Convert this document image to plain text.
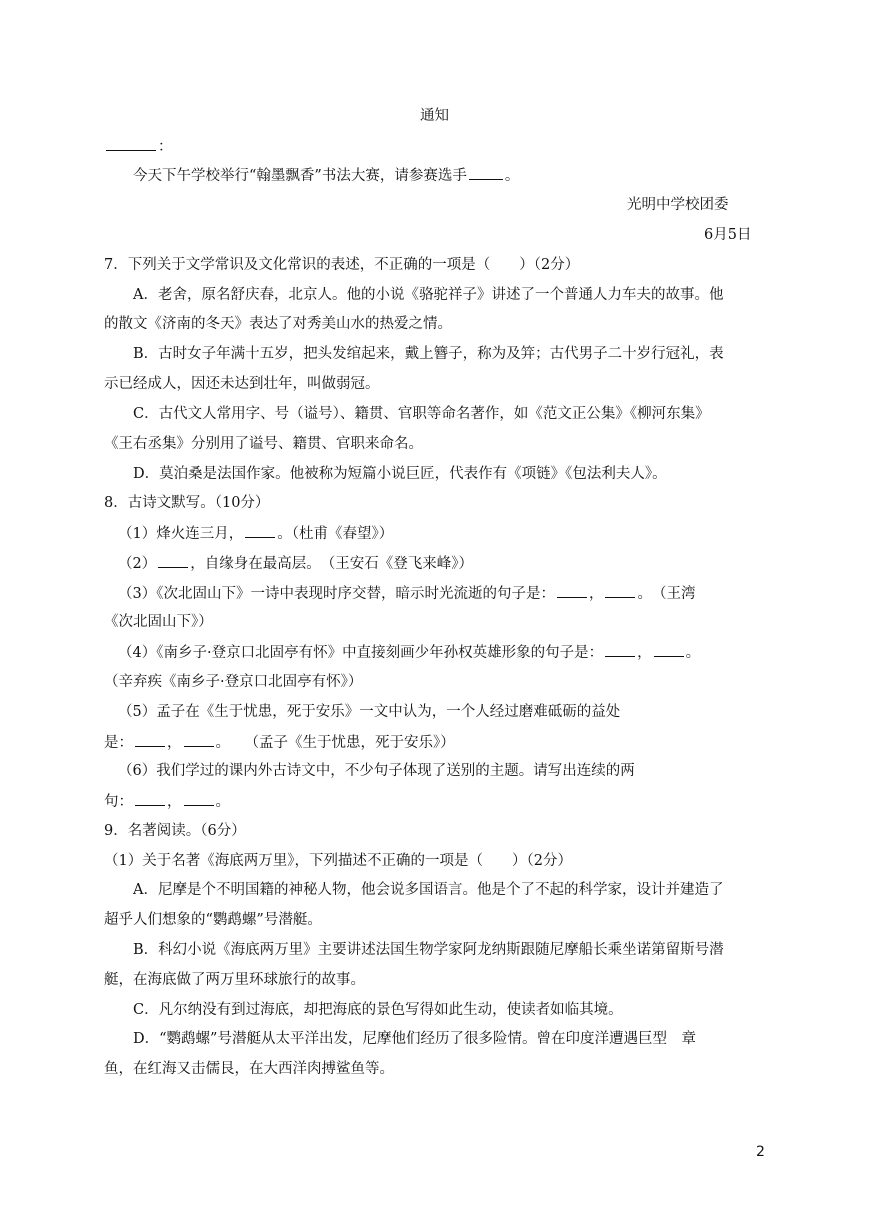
通知
：
今天下午学校举行“翰墨飘香”书法大赛，请参赛选手	。
光明中学校团委
6月5日
7．下列关于文学常识及文化常识的表述，不正确的一项是（　　）（2分）
A．老舍，原名舒庆春，北京人。他的小说《骆驼祥子》讲述了一个普通人力车夫的故事。他
的散文《济南的冬天》表达了对秀美山水的热爱之情。
B．古时女子年满十五岁，把头发绾起来，戴上簪子，称为及笄；古代男子二十岁行冠礼，表
示已经成人，因还未达到壮年，叫做弱冠。
C．古代文人常用字、号（谥号）、籍贯、官职等命名著作，如《范文正公集》《柳河东集》
《王右丞集》分别用了谥号、籍贯、官职来命名。
D．莫泊桑是法国作家。他被称为短篇小说巨匠，代表作有《项链》《包法利夫人》。
8．古诗文默写。（10分）
（1）烽火连三月， 。（杜甫《春望》）
（2） ，自缘身在最高层。　（王安石《登飞来峰》）
（3）《次北固山下》一诗中表现时序交替，暗示时光流逝的句子是： ， 。　（王湾
《次北固山下》）
（4）《南乡子·登京口北固亭有怀》中直接刻画少年孙权英雄形象的句子是： ， 。
（辛弃疾《南乡子·登京口北固亭有怀》）
（5）孟子在《生于忧患，死于安乐》一文中认为，一个人经过磨难砥砺的益处
是： ， 。　　（孟子《生于忧患，死于安乐》）
（6）我们学过的课内外古诗文中，不少句子体现了送别的主题。请写出连续的两
句： ， 。
9．名著阅读。（6分）
（1）关于名著《海底两万里》，下列描述不正确的一项是（　　）（2分）
A．尼摩是个不明国籍的神秘人物，他会说多国语言。他是个了不起的科学家，设计并建造了
超乎人们想象的“鹦鹉螺”号潜艇。
B．科幻小说《海底两万里》主要讲述法国生物学家阿龙纳斯跟随尼摩船长乘坐诺第留斯号潜
艇，在海底做了两万里环球旅行的故事。
C．凡尔纳没有到过海底，却把海底的景色写得如此生动，使读者如临其境。
D．“鹦鹉螺”号潜艇从太平洋出发，尼摩他们经历了很多险情。曾在印度洋遭遇巨型　章
鱼，在红海又击儒艮，在大西洋肉搏鲨鱼等。
2
